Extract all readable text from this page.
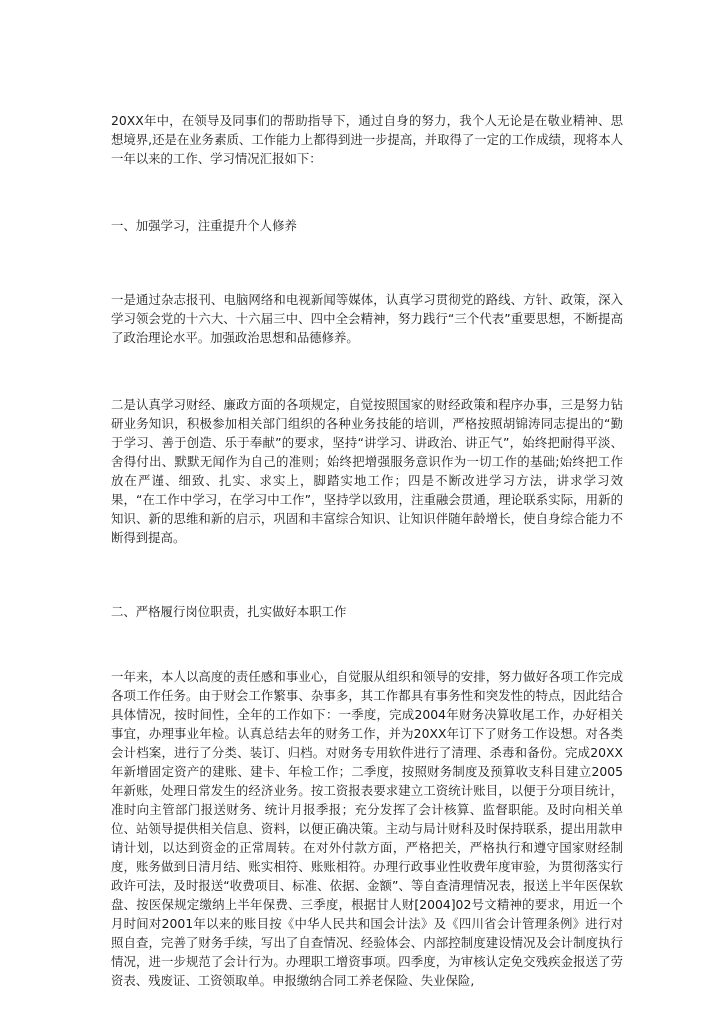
20XX年中，在领导及同事们的帮助指导下，通过自身的努力，我个人无论是在敬业精神、思想境界,还是在业务素质、工作能力上都得到进一步提高，并取得了一定的工作成绩，现将本人一年以来的工作、学习情况汇报如下：

一、加强学习，注重提升个人修养

一是通过杂志报刊、电脑网络和电视新闻等媒体，认真学习贯彻党的路线、方针、政策，深入学习领会党的十六大、十六届三中、四中全会精神，努力践行“三个代表”重要思想，不断提高了政治理论水平。加强政治思想和品德修养。

二是认真学习财经、廉政方面的各项规定，自觉按照国家的财经政策和程序办事，三是努力钻研业务知识，积极参加相关部门组织的各种业务技能的培训，严格按照胡锦涛同志提出的“勤于学习、善于创造、乐于奉献”的要求，坚持“讲学习、讲政治、讲正气”，始终把耐得平淡、舍得付出、默默无闻作为自己的准则；始终把增强服务意识作为一切工作的基础;始终把工作放在严谨、细致、扎实、求实上，脚踏实地工作；四是不断改进学习方法，讲求学习效果，“在工作中学习，在学习中工作”，坚持学以致用，注重融会贯通，理论联系实际，用新的知识、新的思维和新的启示，巩固和丰富综合知识、让知识伴随年龄增长，使自身综合能力不断得到提高。

二、严格履行岗位职责，扎实做好本职工作

一年来，本人以高度的责任感和事业心，自觉服从组织和领导的安排，努力做好各项工作完成各项工作任务。由于财会工作繁事、杂事多，其工作都具有事务性和突发性的特点，因此结合具体情况，按时间性，全年的工作如下：一季度，完成2004年财务决算收尾工作，办好相关事宜，办理事业年检。认真总结去年的财务工作，并为20XX年订下了财务工作设想。对各类会计档案，进行了分类、装订、归档。对财务专用软件进行了清理、杀毒和备份。完成20XX年新增固定资产的建账、建卡、年检工作；二季度，按照财务制度及预算收支科目建立2005年新账，处理日常发生的经济业务。按工资报表要求建立工资统计账目，以便于分项目统计，准时向主管部门报送财务、统计月报季报；充分发挥了会计核算、监督职能。及时向相关单位、站领导提供相关信息、资料，以便正确决策。主动与局计财科及时保持联系，提出用款申请计划，以达到资金的正常周转。在对外付款方面，严格把关，严格执行和遵守国家财经制度，账务做到日清月结、账实相符、账账相符。办理行政事业性收费年度审验，为贯彻落实行政许可法，及时报送“收费项目、标准、依据、金额”、等自查清理情况表，报送上半年医保软盘、按医保规定缴纳上半年保费、三季度，根据甘人财[2004]02号文精神的要求，用近一个月时间对2001年以来的账目按《中华人民共和国会计法》及《四川省会计管理条例》进行对照自查，完善了财务手续，写出了自查情况、经验体会、内部控制度建设情况及会计制度执行情况，进一步规范了会计行为。办理职工增资事项。四季度，为审核认定免交残疾金报送了劳资表、残废证、工资领取单。申报缴纳合同工养老保险、失业保险,
